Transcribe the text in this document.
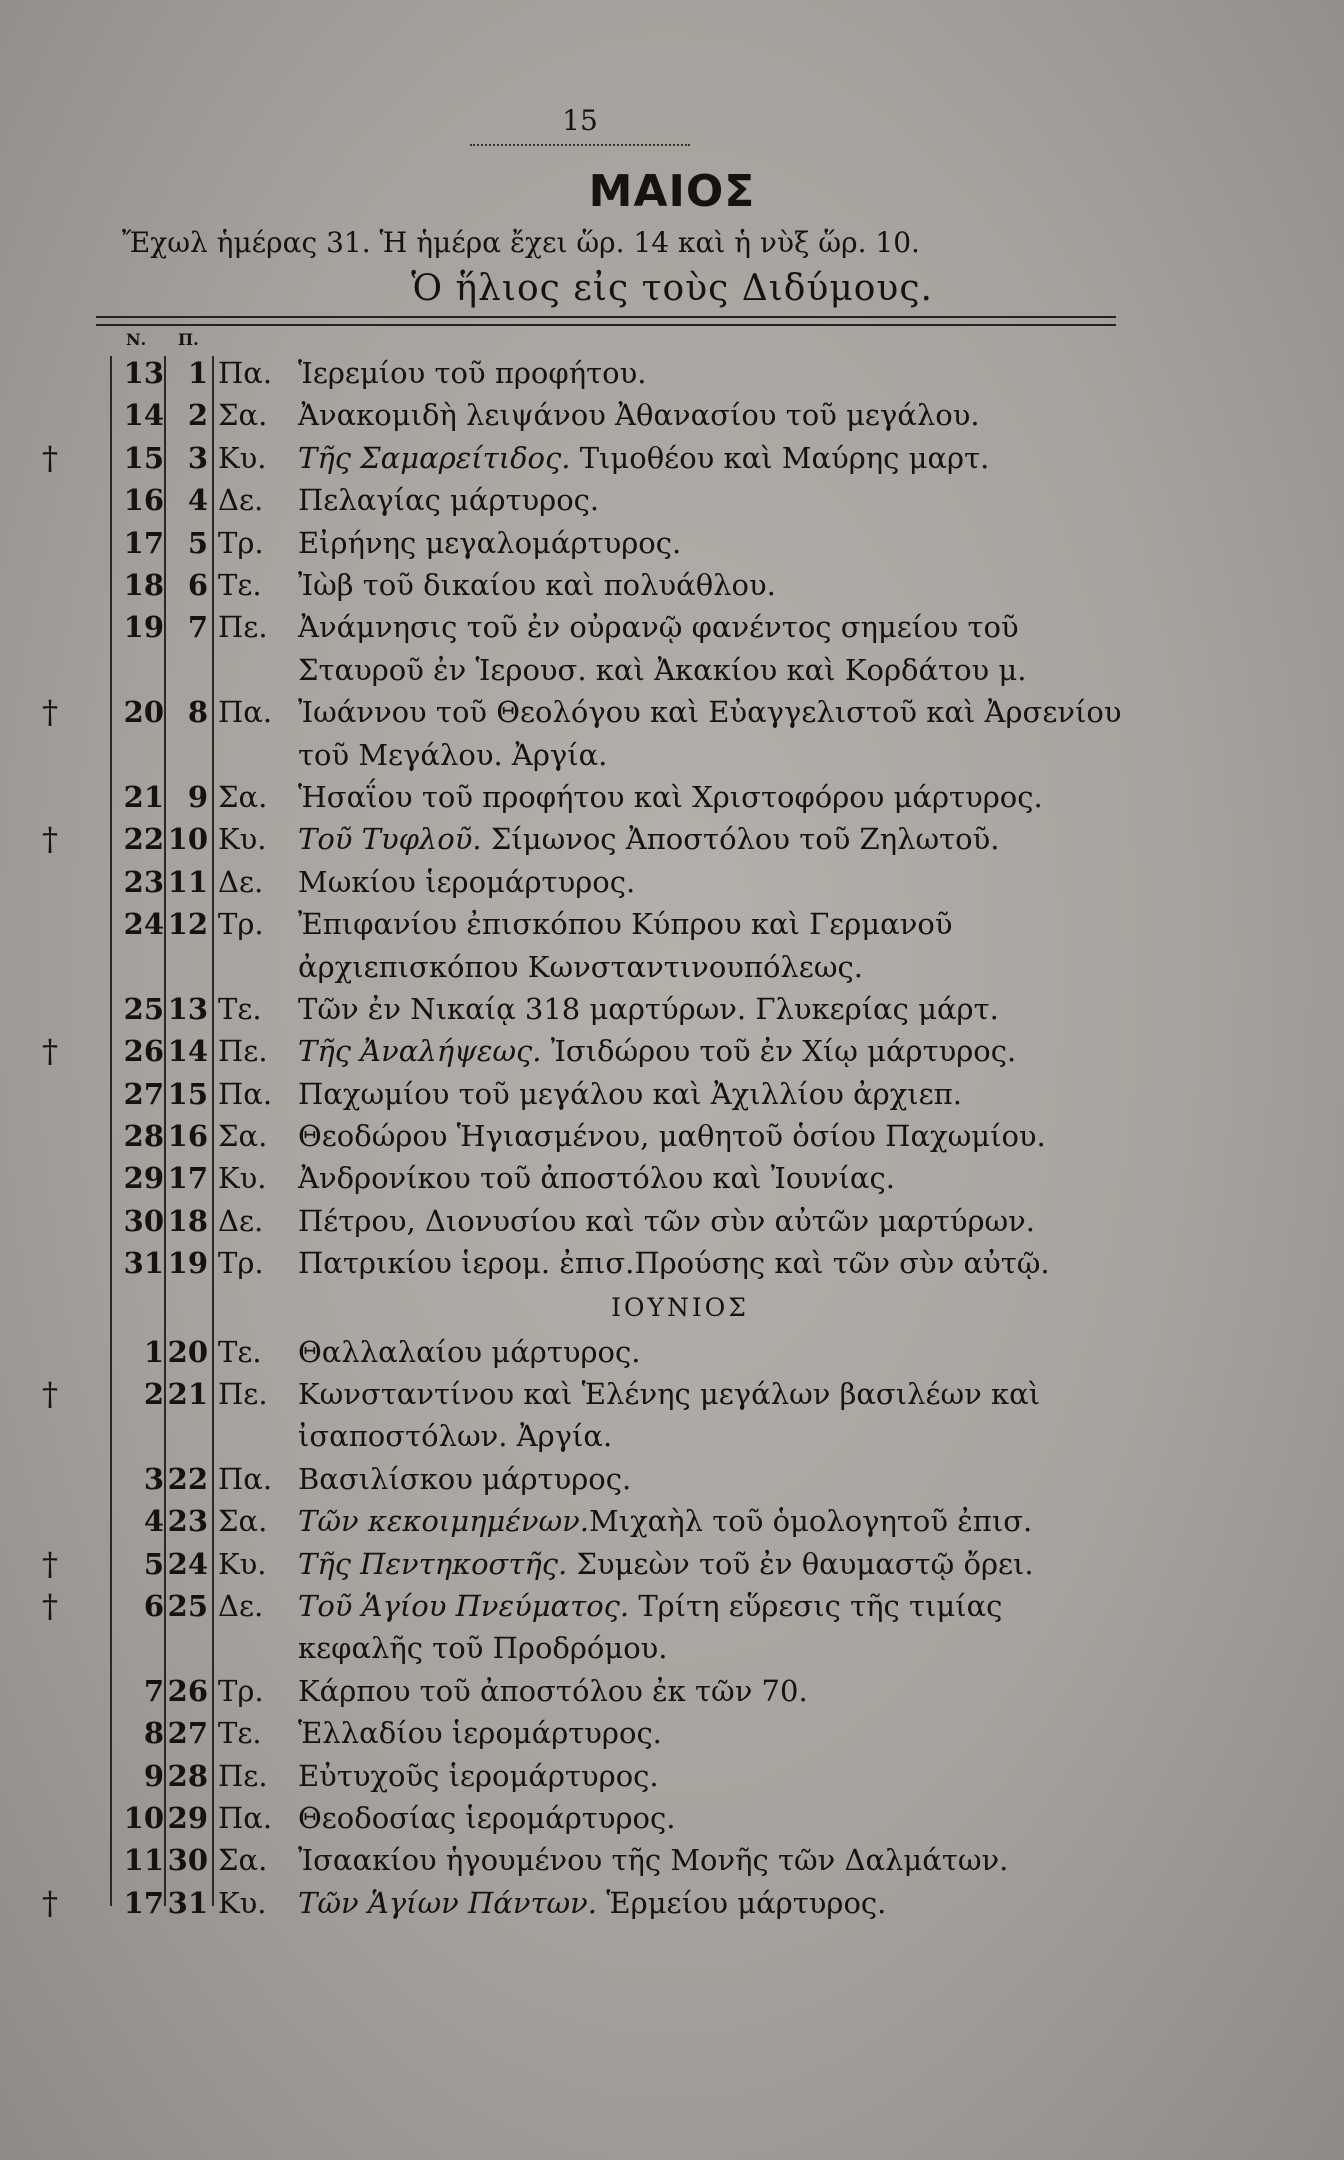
15
ΜΑΙΟΣ
Ἔχωλ ἡμέρας 31. Ἡ ἡμέρα ἔχει ὥρ. 14 καὶ ἡ νὺξ ὥρ. 10.
Ὁ ἥλιος εἰς τοὺς Διδύμους.
Ν. Π.
13 1 Πα. Ἱερεμίου τοῦ προφήτου.
14 2 Σα. Ἀνακομιδὴ λειψάνου Ἀθανασίου τοῦ μεγάλου.
†	15 3 Κυ. Τῆς Σαμαρείτιδος. Τιμοθέου καὶ Μαύρης μαρτ.
16 4 Δε. Πελαγίας μάρτυρος.
17 5 Τρ. Εἰρήνης μεγαλομάρτυρος.
18 6 Τε. Ἰὼβ τοῦ δικαίου καὶ πολυάθλου.
19 7 Πε. Ἀνάμνησις τοῦ ἐν οὐρανῷ φανέντος σημείου τοῦ Σταυροῦ ἐν Ἱερουσ. καὶ Ἀκακίου καὶ Κορδάτου μ.
†	20 8 Πα. Ἰωάννου τοῦ Θεολόγου καὶ Εὐαγγελιστοῦ καὶ Ἀρσενίου τοῦ Μεγάλου. Ἀργία.
21 9 Σα. Ἡσαΐου τοῦ προφήτου καὶ Χριστοφόρου μάρτυρος.
†	22 10 Κυ. Τοῦ Τυφλοῦ. Σίμωνος Ἀποστόλου τοῦ Ζηλωτοῦ.
23 11 Δε. Μωκίου ἱερομάρτυρος.
24 12 Τρ. Ἐπιφανίου ἐπισκόπου Κύπρου καὶ Γερμανοῦ ἀρχιεπισκόπου Κωνσταντινουπόλεως.
25 13 Τε. Τῶν ἐν Νικαίᾳ 318 μαρτύρων. Γλυκερίας μάρτ.
†	26 14 Πε. Τῆς Ἀναλήψεως. Ἰσιδώρου τοῦ ἐν Χίῳ μάρτυρος.
27 15 Πα. Παχωμίου τοῦ μεγάλου καὶ Ἀχιλλίου ἀρχιεπ.
28 16 Σα. Θεοδώρου Ἡγιασμένου, μαθητοῦ ὁσίου Παχωμίου.
29 17 Κυ. Ἀνδρονίκου τοῦ ἀποστόλου καὶ Ἰουνίας.
30 18 Δε. Πέτρου, Διονυσίου καὶ τῶν σὺν αὐτῶν μαρτύρων.
31 19 Τρ. Πατρικίου ἱερομ. ἐπισ.Προύσης καὶ τῶν σὺν αὐτῷ.
ΙΟΥΝΙΟΣ
1 20 Τε. Θαλλαλαίου μάρτυρος.
†	2 21 Πε. Κωνσταντίνου καὶ Ἑλένης μεγάλων βασιλέων καὶ ἰσαποστόλων. Ἀργία.
3 22 Πα. Βασιλίσκου μάρτυρος.
4 23 Σα. Τῶν κεκοιμημένων.Μιχαὴλ τοῦ ὁμολογητοῦ ἐπισ.
†	5 24 Κυ. Τῆς Πεντηκοστῆς. Συμεὼν τοῦ ἐν θαυμαστῷ ὄρει.
†	6 25 Δε. Τοῦ Ἁγίου Πνεύματος. Τρίτη εὕρεσις τῆς τιμίας κεφαλῆς τοῦ Προδρόμου.
7 26 Τρ. Κάρπου τοῦ ἀποστόλου ἐκ τῶν 70.
8 27 Τε. Ἑλλαδίου ἱερομάρτυρος.
9 28 Πε. Εὐτυχοῦς ἱερομάρτυρος.
10 29 Πα. Θεοδοσίας ἱερομάρτυρος.
11 30 Σα. Ἰσαακίου ἡγουμένου τῆς Μονῆς τῶν Δαλμάτων.
†	17 31 Κυ. Τῶν Ἁγίων Πάντων. Ἑρμείου μάρτυρος.
